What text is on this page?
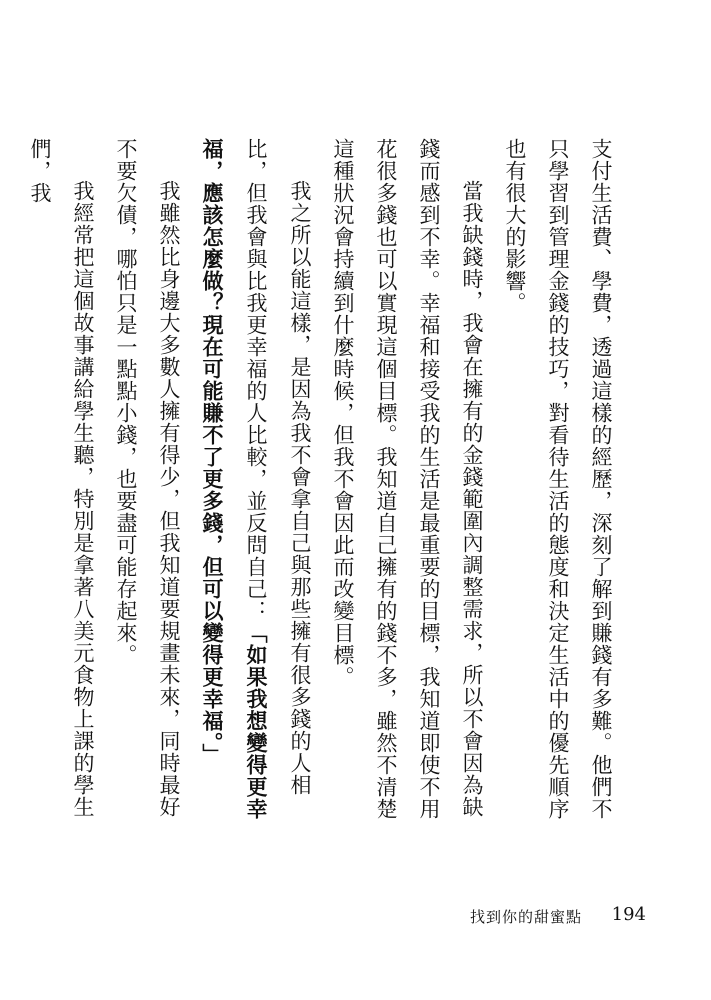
支付生活費、學費，透過這樣的經歷，深刻了解到賺錢有多難。他們不只學習到管理金錢的技巧，對看待生活的態度和決定生活中的優先順序也有很大的影響。

當我缺錢時，我會在擁有的金錢範圍內調整需求，所以不會因為缺錢而感到不幸。幸福和接受我的生活是最重要的目標，我知道即使不用花很多錢也可以實現這個目標。我知道自己擁有的錢不多，雖然不清楚這種狀況會持續到什麼時候，但我不會因此而改變目標。

我之所以能這樣，是因為我不會拿自己與那些擁有很多錢的人相比，但我會與比我更幸福的人比較，並反問自己：「如果我想變得更幸福，應該怎麼做？現在可能賺不了更多錢，但可以變得更幸福。」

我雖然比身邊大多數人擁有得少，但我知道要規畫未來，同時最好不要欠債，哪怕只是一點點小錢，也要盡可能存起來。

我經常把這個故事講給學生聽，特別是拿著八美元食物上課的學生們，我

找到你的甜蜜點 194
